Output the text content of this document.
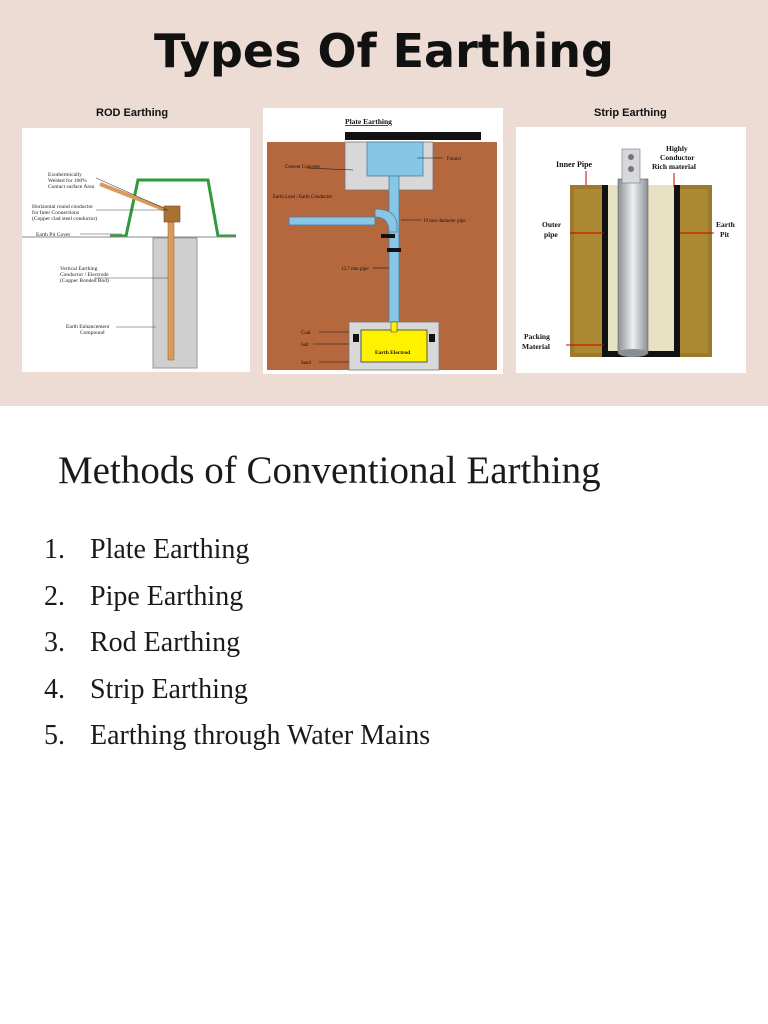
Types Of Earthing
ROD Earthing
Exothermically
Welded for 100%
Contact surface Area
Horizontal round conductor
for Inter Connections
(Copper clad steel conductor)
Earth Pit Cover
Vertical Earthing
Conductor / Electrode
(Copper Bonded Rod)
Earth Enhancement
Compound
Plate Earthing
Cement Concrete
Funnel
Earth Lead / Earth Conductor
19 mm diameter pipe
12.7 mm pipe
Coal
Salt
Sand
Earth Electrod
Strip Earthing
Inner Pipe
Highly
Conductor
Rich material
Outer
pipe
Earth
Pit
Packing
Material
Methods of Conventional Earthing
1. Plate Earthing
2. Pipe Earthing
3. Rod Earthing
4. Strip Earthing
5. Earthing through Water Mains
